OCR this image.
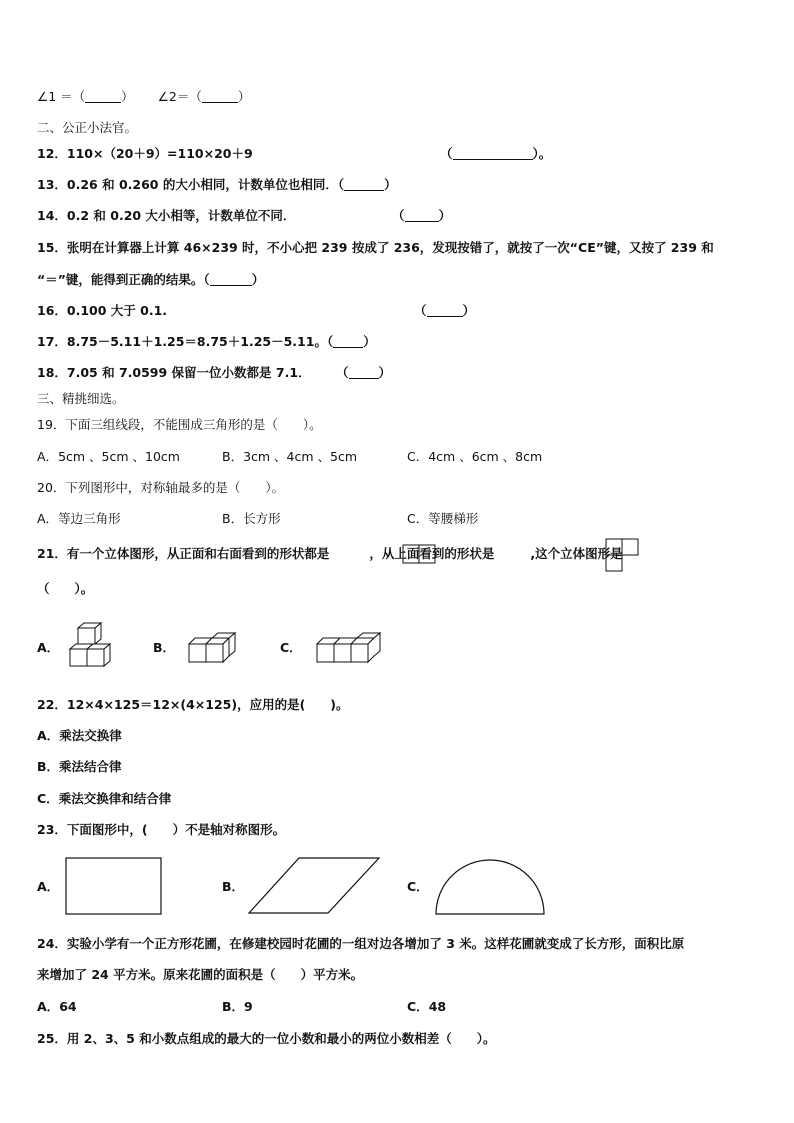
∠1 ＝（	） ∠2＝（	）
二、公正小法官。
12．110×（20＋9）=110×20＋9	（	）。
13．0.26 和 0.260 的大小相同，计数单位也相同．（	）
14．0.2 和 0.20 大小相等，计数单位不同．	（	）
15．张明在计算器上计算 46×239 时，不小心把 239 按成了 236，发现按错了，就按了一次“CE”键，又按了 239 和
“＝”键，能得到正确的结果。（	）
16．0.100 大于 0.1.	（	）
17．8.75－5.11＋1.25＝8.75＋1.25－5.11。（ ）
18．7.05 和 7.0599 保留一位小数都是 7.1． （ ）
三、精挑细选。
19．下面三组线段，不能围成三角形的是（　　）。
A．5cm 、5cm 、10cm	B．3cm 、4cm 、5cm	C．4cm 、6cm 、8cm
20．下列图形中，对称轴最多的是（　　）。
A．等边三角形	B．长方形	C．等腰梯形
21．有一个立体图形，从正面和右面看到的形状都是	，从上面看到的形状是	,这个立体图形是
（　　）。
A．	B．	C．
22．12×4×125＝12×(4×125)，应用的是(　　)。
A．乘法交换律
B．乘法结合律
C．乘法交换律和结合律
23．下面图形中，(　　）不是轴对称图形。
A．	B．	C．
24．实验小学有一个正方形花圃，在修建校园时花圃的一组对边各增加了 3 米。这样花圃就变成了长方形，面积比原
来增加了 24 平方米。原来花圃的面积是（　　）平方米。
A．64	B．9	C．48
25．用 2、3、5 和小数点组成的最大的一位小数和最小的两位小数相差（　　）。
